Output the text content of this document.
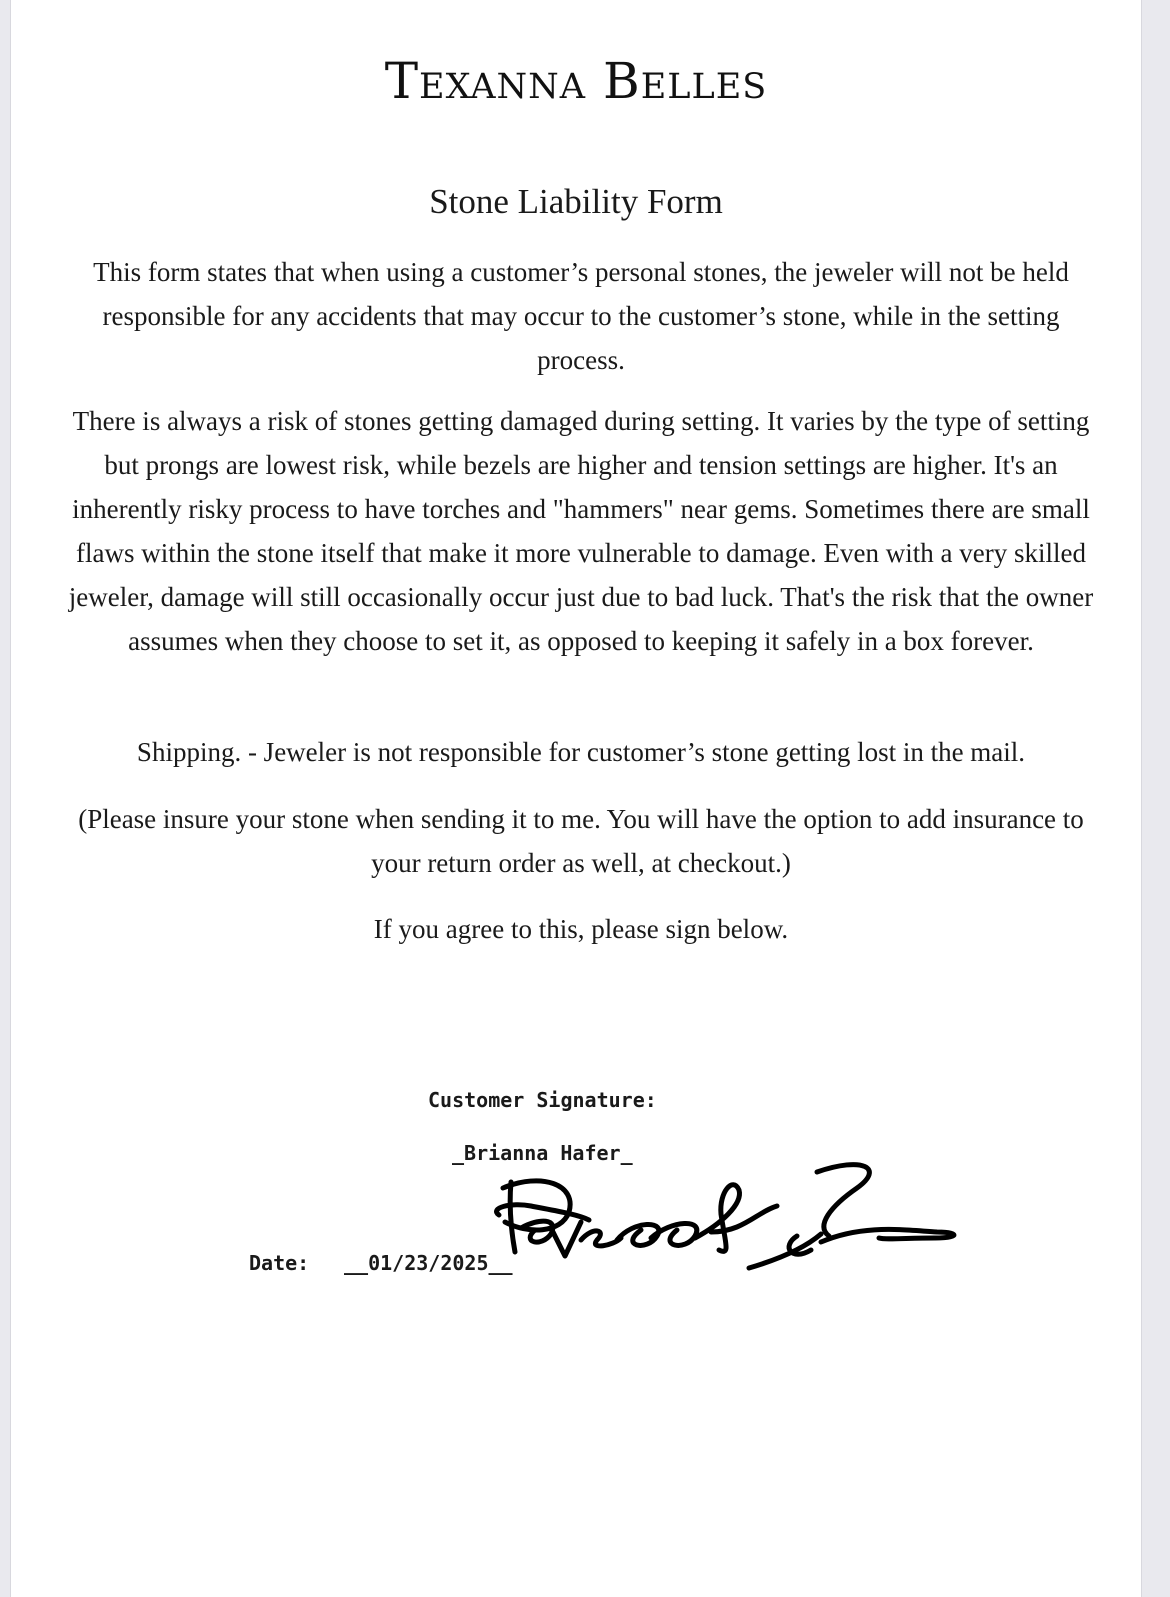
Texanna Belles
Stone Liability Form
This form states that when using a customer’s personal stones, the jeweler will not be held responsible for any accidents that may occur to the customer’s stone, while in the setting process.
There is always a risk of stones getting damaged during setting. It varies by the type of setting but prongs are lowest risk, while bezels are higher and tension settings are higher. It's an inherently risky process to have torches and "hammers" near gems. Sometimes there are small flaws within the stone itself that make it more vulnerable to damage. Even with a very skilled jeweler, damage will still occasionally occur just due to bad luck. That's the risk that the owner assumes when they choose to set it, as opposed to keeping it safely in a box forever.
Shipping. - Jeweler is not responsible for customer’s stone getting lost in the mail.
(Please insure your stone when sending it to me. You will have the option to add insurance to your return order as well, at checkout.)
If you agree to this, please sign below.
Customer Signature:
_Brianna Hafer_
Date: __01/23/2025__
